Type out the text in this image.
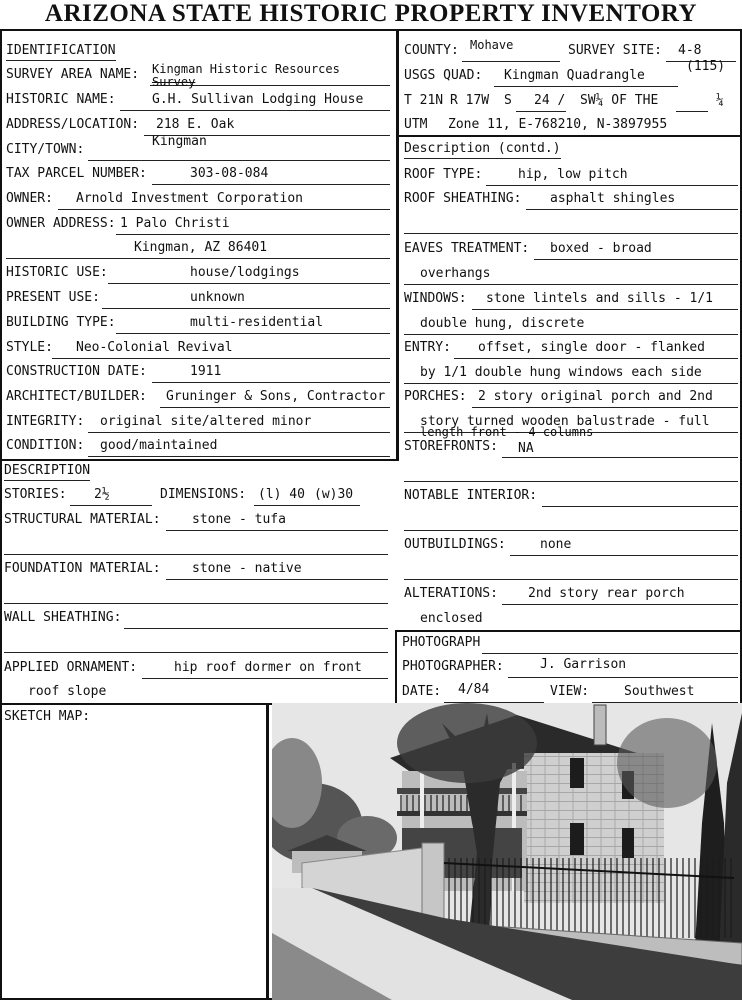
ARIZONA STATE HISTORIC PROPERTY INVENTORY
IDENTIFICATION
SURVEY AREA NAME: Kingman Historic Resources
Survey
HISTORIC NAME:	G.H. Sullivan Lodging House
ADDRESS/LOCATION: 218 E. Oak
CITY/TOWN:
Kingman
TAX PARCEL NUMBER:	303-08-084
OWNER: Arnold Investment Corporation
OWNER ADDRESS: 1 Palo Christi
Kingman, AZ 86401
HISTORIC USE:	house/lodgings
PRESENT USE:	unknown
BUILDING TYPE:	multi-residential
STYLE: Neo-Colonial Revival
CONSTRUCTION DATE:	1911
ARCHITECT/BUILDER: Gruninger & Sons, Contractor
INTEGRITY: original site/altered minor
CONDITION: good/maintained
DESCRIPTION
STORIES: 2½	DIMENSIONS: (l) 40 (w)30
STRUCTURAL MATERIAL: stone - tufa
FOUNDATION MATERIAL: stone - native
WALL SHEATHING:
APPLIED ORNAMENT:	hip roof dormer on front
roof slope
COUNTY: Mohave	SURVEY SITE: 4-8
(115)
USGS QUAD: Kingman Quadrangle
T 21N R 17W S 24 / SW¼ OF THE	¼
UTM Zone 11, E-768210, N-3897955
Description (contd.)
ROOF TYPE:	hip, low pitch
ROOF SHEATHING: asphalt shingles
EAVES TREATMENT: boxed - broad
overhangs
WINDOWS: stone lintels and sills - 1/1
double hung, discrete
ENTRY: offset, single door - flanked
by 1/1 double hung windows each side
PORCHES: 2 story original porch and 2nd
story turned wooden balustrade - full
length front - 4 columns
STOREFRONTS: NA
NOTABLE INTERIOR:
OUTBUILDINGS:	none
ALTERATIONS: 2nd story rear porch
enclosed
PHOTOGRAPH
PHOTOGRAPHER:	J. Garrison
DATE: 4/84	VIEW:	Southwest
SKETCH MAP:
